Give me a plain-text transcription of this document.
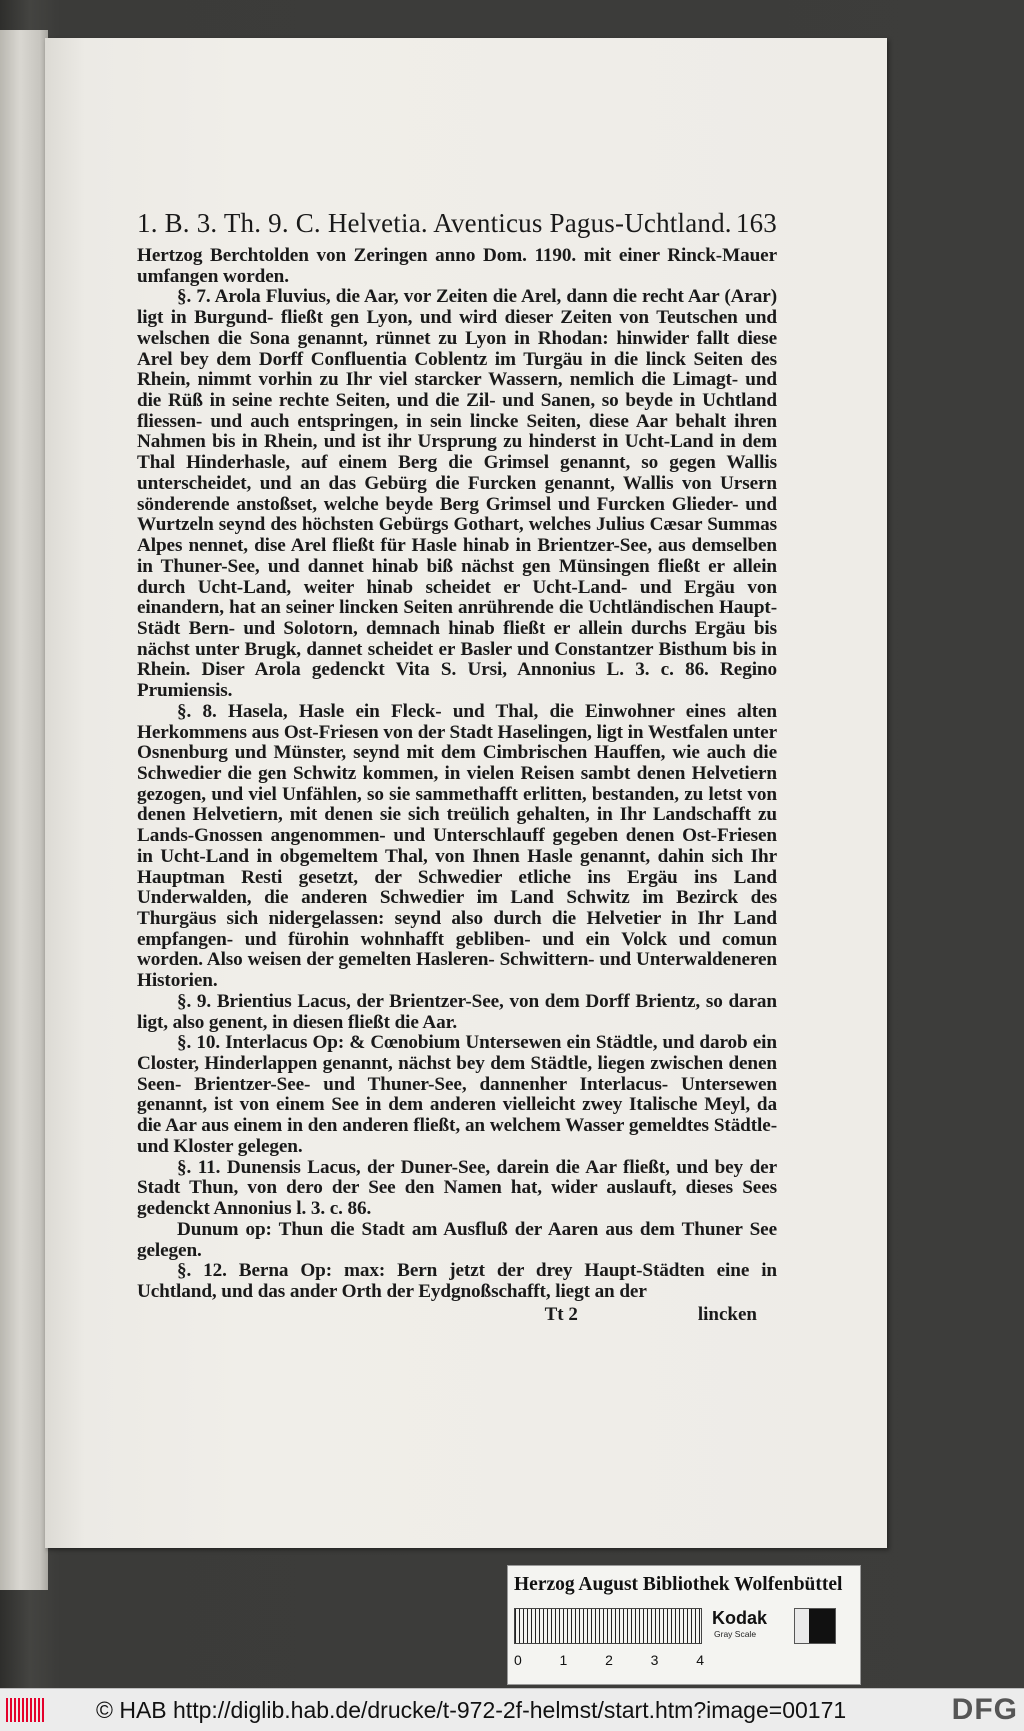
1. B. 3. Th. 9. C. Helvetia. Aventicus Pagus-Uchtland. 163

Hertzog Berchtolden von Zeringen anno Dom. 1190. mit einer Rinck-Mauer umfangen worden.

§. 7. Arola Fluvius, die Aar, vor Zeiten die Arel, dann die recht Aar (Arar) ligt in Burgund- fließt gen Lyon, und wird dieser Zeiten von Teutschen und welschen die Sona genannt, rünnet zu Lyon in Rhodan: hinwider fallt diese Arel bey dem Dorff Confluentia Coblentz im Turgäu in die linck Seiten des Rhein, nimmt vorhin zu Ihr viel starcker Wassern, nemlich die Limagt- und die Rüß in seine rechte Seiten, und die Zil- und Sanen, so beyde in Uchtland fliessen- und auch entspringen, in sein lincke Seiten, diese Aar behalt ihren Nahmen bis in Rhein, und ist ihr Ursprung zu hinderst in Ucht-Land in dem Thal Hinderhasle, auf einem Berg die Grimsel genannt, so gegen Wallis unterscheidet, und an das Gebürg die Furcken genannt, Wallis von Ursern sönderende anstoßset, welche beyde Berg Grimsel und Furcken Glieder- und Wurtzeln seynd des höchsten Gebürgs Gothart, welches Julius Cæsar Summas Alpes nennet, dise Arel fließt für Hasle hinab in Brientzer-See, aus demselben in Thuner-See, und dannet hinab biß nächst gen Münsingen fließt er allein durch Ucht-Land, weiter hinab scheidet er Ucht-Land- und Ergäu von einandern, hat an seiner lincken Seiten anrührende die Uchtländischen Haupt-Städt Bern- und Solotorn, demnach hinab fließt er allein durchs Ergäu bis nächst unter Brugk, dannet scheidet er Basler und Constantzer Bisthum bis in Rhein. Diser Arola gedenckt Vita S. Ursi, Annonius L. 3. c. 86. Regino Prumiensis.

§. 8. Hasela, Hasle ein Fleck- und Thal, die Einwohner eines alten Herkommens aus Ost-Friesen von der Stadt Haselingen, ligt in Westfalen unter Osnenburg und Münster, seynd mit dem Cimbrischen Hauffen, wie auch die Schwedier die gen Schwitz kommen, in vielen Reisen sambt denen Helvetiern gezogen, und viel Unfählen, so sie sammethafft erlitten, bestanden, zu letst von denen Helvetiern, mit denen sie sich treülich gehalten, in Ihr Landschafft zu Lands-Gnossen angenommen- und Unterschlauff gegeben denen Ost-Friesen in Ucht-Land in obgemeltem Thal, von Ihnen Hasle genannt, dahin sich Ihr Hauptman Resti gesetzt, der Schwedier etliche ins Ergäu ins Land Underwalden, die anderen Schwedier im Land Schwitz im Bezirck des Thurgäus sich nidergelassen: seynd also durch die Helvetier in Ihr Land empfangen- und fürohin wohnhafft gebliben- und ein Volck und comun worden. Also weisen der gemelten Hasleren- Schwittern- und Unterwaldeneren Historien.

§. 9. Brientius Lacus, der Brientzer-See, von dem Dorff Brientz, so daran ligt, also genent, in diesen fließt die Aar.

§. 10. Interlacus Op: & Cœnobium Untersewen ein Städtle, und darob ein Closter, Hinderlappen genannt, nächst bey dem Städtle, liegen zwischen denen Seen- Brientzer-See- und Thuner-See, dannenher Interlacus- Untersewen genannt, ist von einem See in dem anderen vielleicht zwey Italische Meyl, da die Aar aus einem in den anderen fließt, an welchem Wasser gemeldtes Städtle- und Kloster gelegen.

§. 11. Dunensis Lacus, der Duner-See, darein die Aar fließt, und bey der Stadt Thun, von dero der See den Namen hat, wider auslauft, dieses Sees gedenckt Annonius l. 3. c. 86.

Dunum op: Thun die Stadt am Ausfluß der Aaren aus dem Thuner See gelegen.

§. 12. Berna Op: max: Bern jetzt der drey Haupt-Städten eine in Uchtland, und das ander Orth der Eydgnoßschafft, liegt an der

Tt 2	lincken
Herzog August Bibliothek Wolfenbüttel
0	1	2	3	4
Kodak
Gray Scale
© HAB http://diglib.hab.de/drucke/t-972-2f-helmst/start.htm?image=00171	DFG
